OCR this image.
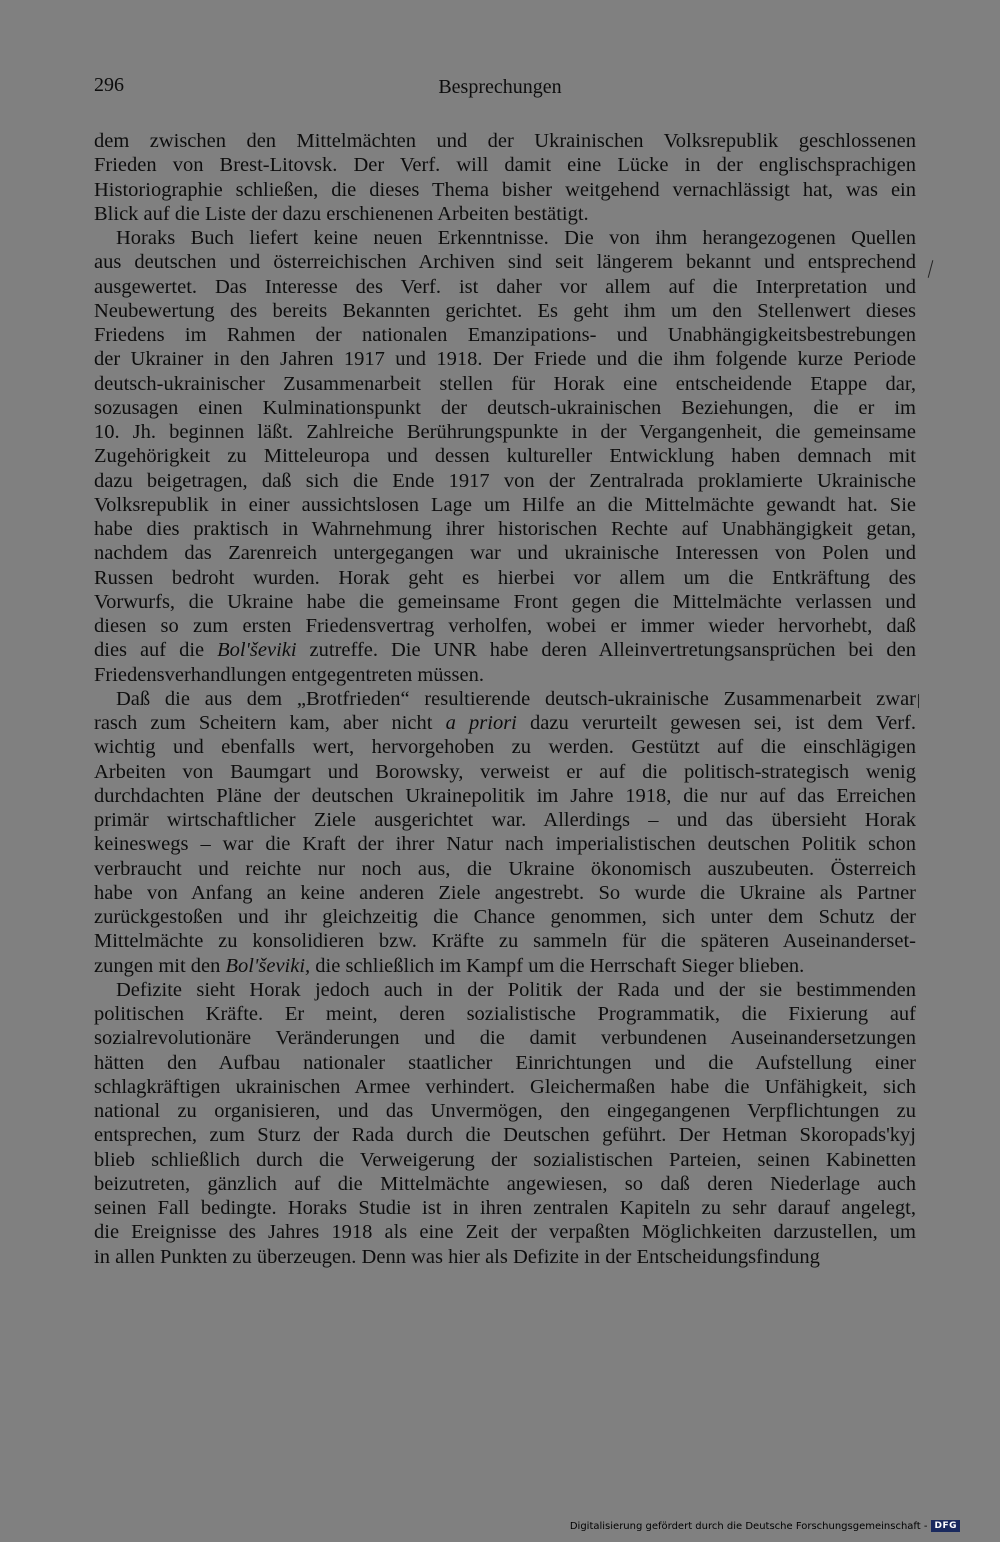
296	Besprechungen
dem zwischen den Mittelmächten und der Ukrainischen Volksrepublik geschlossenen
Frieden von Brest-Litovsk. Der Verf. will damit eine Lücke in der englischsprachigen
Historiographie schließen, die dieses Thema bisher weitgehend vernachlässigt hat, was ein
Blick auf die Liste der dazu erschienenen Arbeiten bestätigt.
Horaks Buch liefert keine neuen Erkenntnisse. Die von ihm herangezogenen Quellen
aus deutschen und österreichischen Archiven sind seit längerem bekannt und entsprechend
ausgewertet. Das Interesse des Verf. ist daher vor allem auf die Interpretation und
Neubewertung des bereits Bekannten gerichtet. Es geht ihm um den Stellenwert dieses
Friedens im Rahmen der nationalen Emanzipations- und Unabhängigkeitsbestrebungen
der Ukrainer in den Jahren 1917 und 1918. Der Friede und die ihm folgende kurze Periode
deutsch-ukrainischer Zusammenarbeit stellen für Horak eine entscheidende Etappe dar,
sozusagen einen Kulminationspunkt der deutsch-ukrainischen Beziehungen, die er im
10. Jh. beginnen läßt. Zahlreiche Berührungspunkte in der Vergangenheit, die gemeinsame
Zugehörigkeit zu Mitteleuropa und dessen kultureller Entwicklung haben demnach mit
dazu beigetragen, daß sich die Ende 1917 von der Zentralrada proklamierte Ukrainische
Volksrepublik in einer aussichtslosen Lage um Hilfe an die Mittelmächte gewandt hat. Sie
habe dies praktisch in Wahrnehmung ihrer historischen Rechte auf Unabhängigkeit getan,
nachdem das Zarenreich untergegangen war und ukrainische Interessen von Polen und
Russen bedroht wurden. Horak geht es hierbei vor allem um die Entkräftung des
Vorwurfs, die Ukraine habe die gemeinsame Front gegen die Mittelmächte verlassen und
diesen so zum ersten Friedensvertrag verholfen, wobei er immer wieder hervorhebt, daß
dies auf die Bol'ševiki zutreffe. Die UNR habe deren Alleinvertretungsansprüchen bei den
Friedensverhandlungen entgegentreten müssen.
Daß die aus dem „Brotfrieden“ resultierende deutsch-ukrainische Zusammenarbeit zwar
rasch zum Scheitern kam, aber nicht a priori dazu verurteilt gewesen sei, ist dem Verf.
wichtig und ebenfalls wert, hervorgehoben zu werden. Gestützt auf die einschlägigen
Arbeiten von Baumgart und Borowsky, verweist er auf die politisch-strategisch wenig
durchdachten Pläne der deutschen Ukrainepolitik im Jahre 1918, die nur auf das Erreichen
primär wirtschaftlicher Ziele ausgerichtet war. Allerdings – und das übersieht Horak
keineswegs – war die Kraft der ihrer Natur nach imperialistischen deutschen Politik schon
verbraucht und reichte nur noch aus, die Ukraine ökonomisch auszubeuten. Österreich
habe von Anfang an keine anderen Ziele angestrebt. So wurde die Ukraine als Partner
zurückgestoßen und ihr gleichzeitig die Chance genommen, sich unter dem Schutz der
Mittelmächte zu konsolidieren bzw. Kräfte zu sammeln für die späteren Auseinanderset-
zungen mit den Bol'ševiki, die schließlich im Kampf um die Herrschaft Sieger blieben.
Defizite sieht Horak jedoch auch in der Politik der Rada und der sie bestimmenden
politischen Kräfte. Er meint, deren sozialistische Programmatik, die Fixierung auf
sozialrevolutionäre Veränderungen und die damit verbundenen Auseinandersetzungen
hätten den Aufbau nationaler staatlicher Einrichtungen und die Aufstellung einer
schlagkräftigen ukrainischen Armee verhindert. Gleichermaßen habe die Unfähigkeit, sich
national zu organisieren, und das Unvermögen, den eingegangenen Verpflichtungen zu
entsprechen, zum Sturz der Rada durch die Deutschen geführt. Der Hetman Skoropads'kyj
blieb schließlich durch die Verweigerung der sozialistischen Parteien, seinen Kabinetten
beizutreten, gänzlich auf die Mittelmächte angewiesen, so daß deren Niederlage auch
seinen Fall bedingte. Horaks Studie ist in ihren zentralen Kapiteln zu sehr darauf angelegt,
die Ereignisse des Jahres 1918 als eine Zeit der verpaßten Möglichkeiten darzustellen, um
in allen Punkten zu überzeugen. Denn was hier als Defizite in der Entscheidungsfindung
Digitalisierung gefördert durch die Deutsche Forschungsgemeinschaft - DFG
